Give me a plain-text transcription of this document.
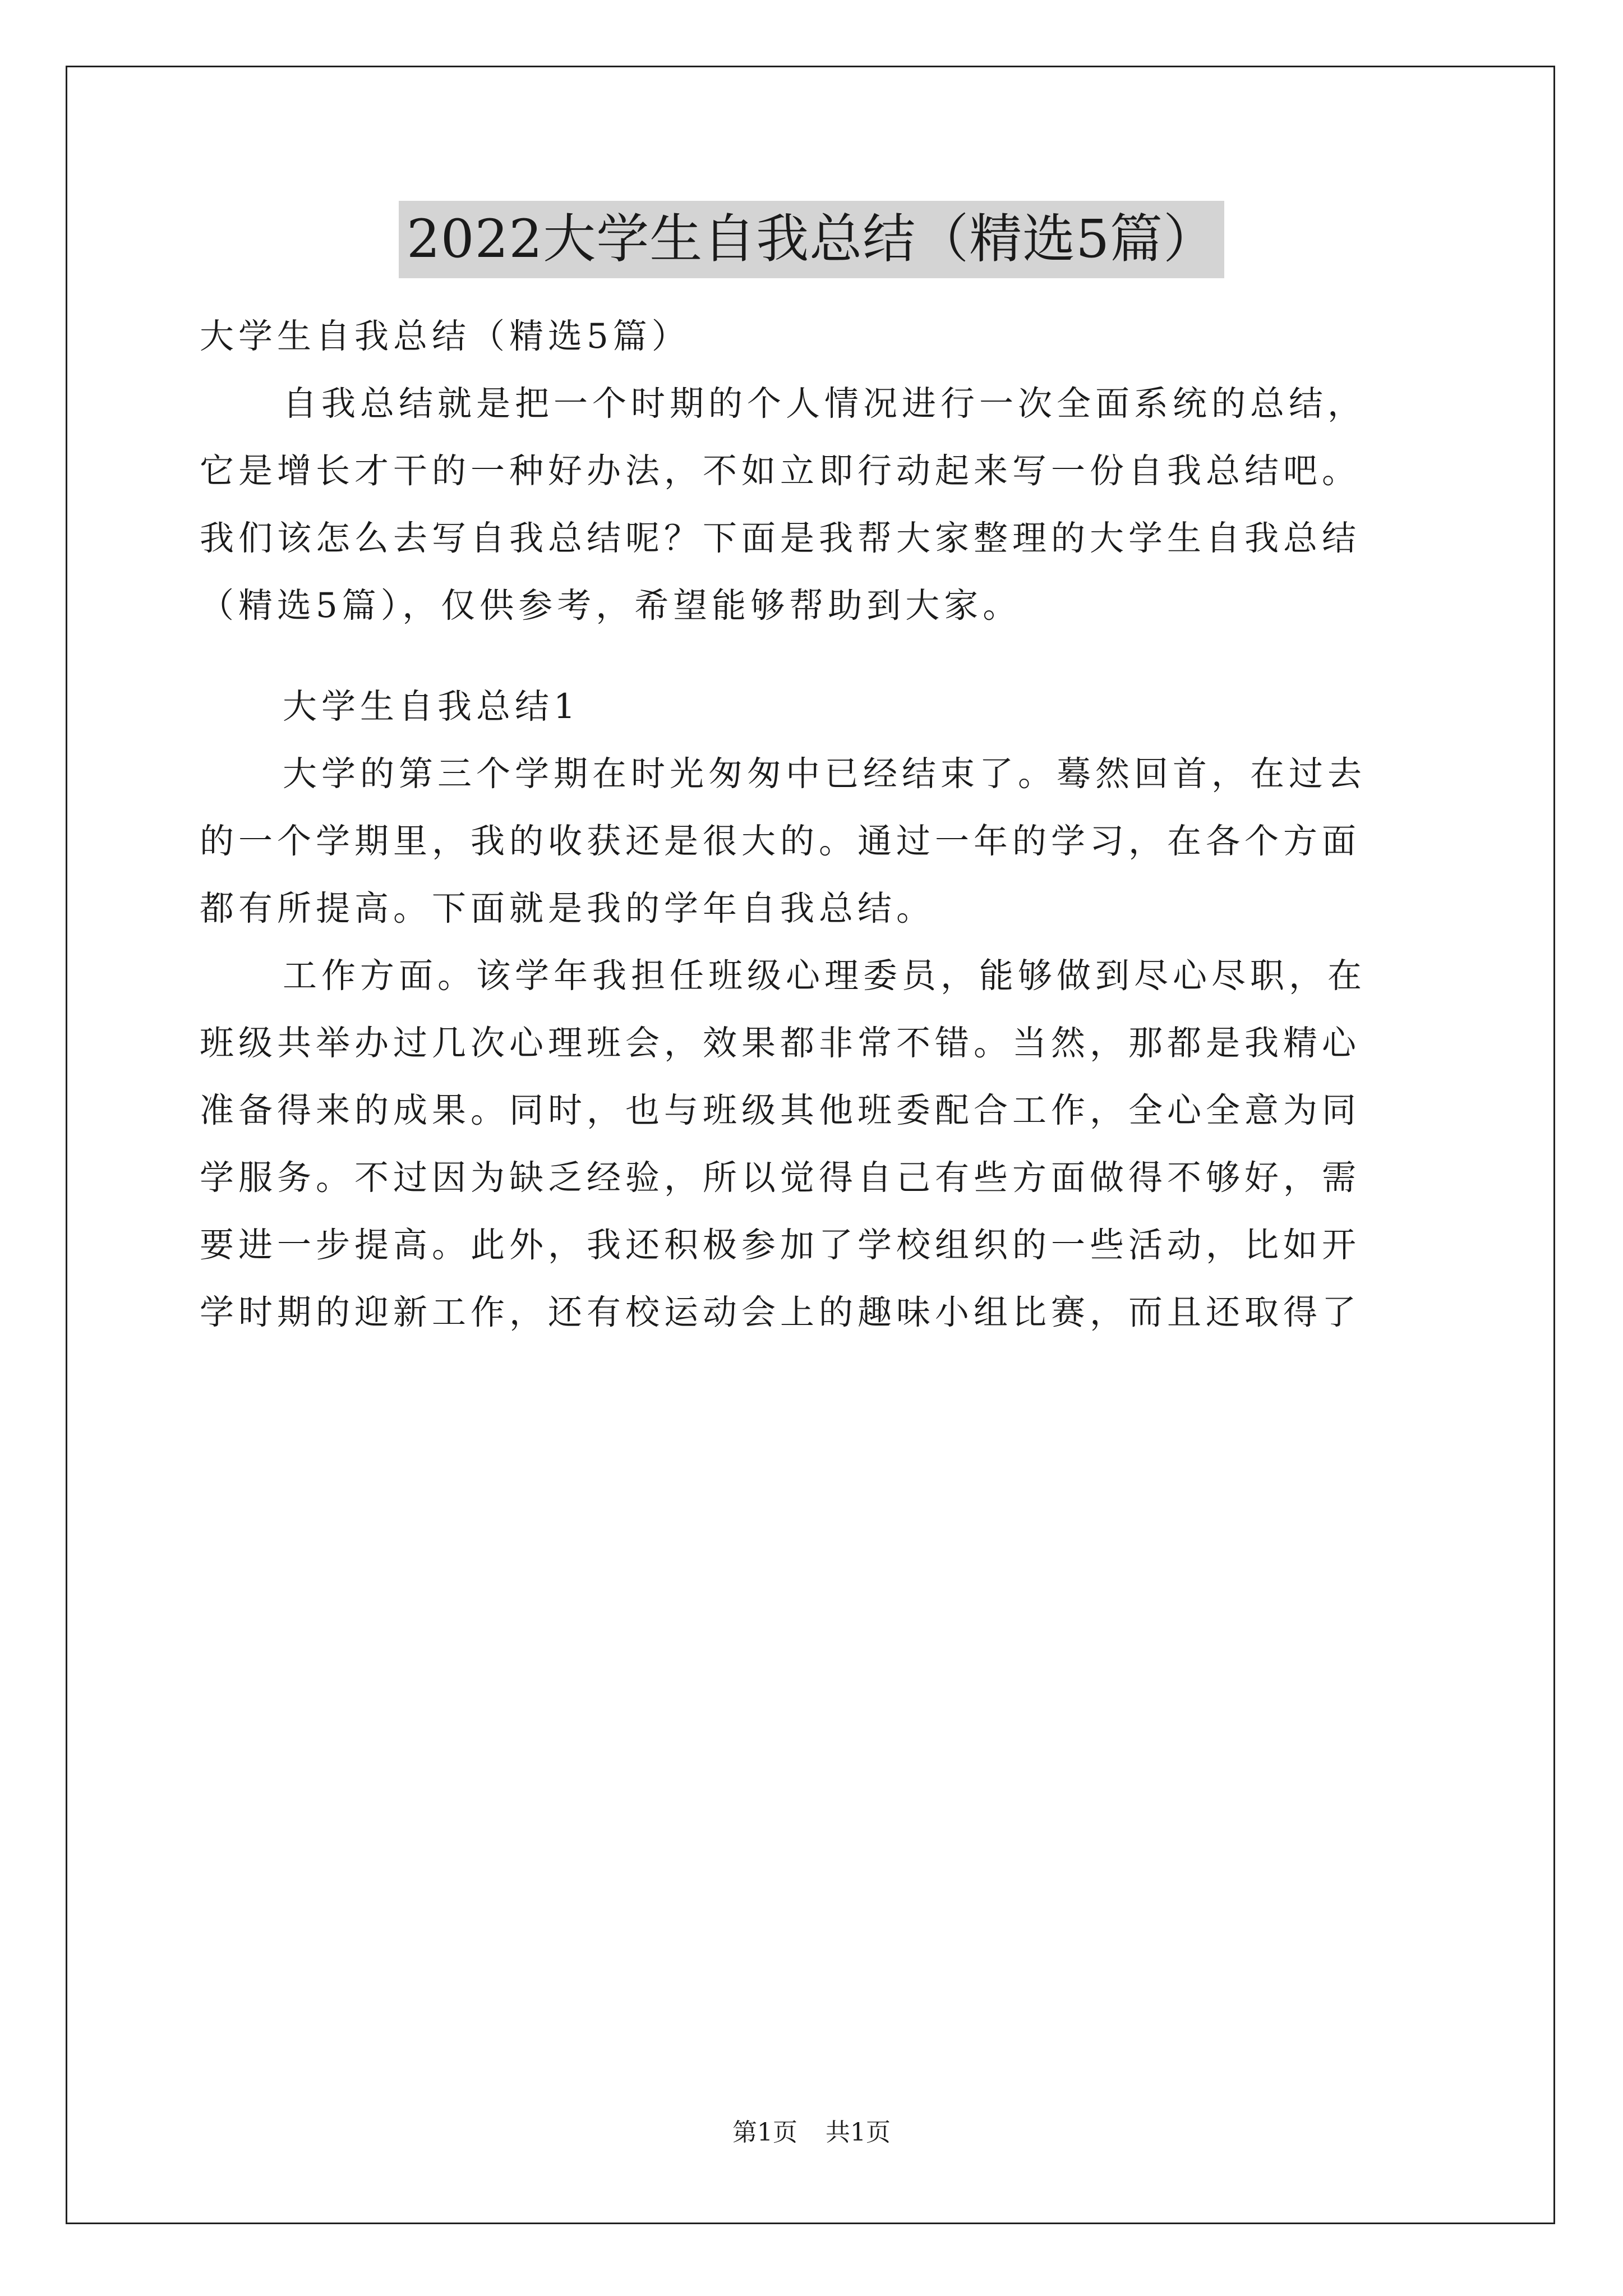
2022大学生自我总结（精选5篇）
大学生自我总结（精选5篇）
自我总结就是把一个时期的个人情况进行一次全面系统的总结，
它是增长才干的一种好办法，不如立即行动起来写一份自我总结吧。
我们该怎么去写自我总结呢？下面是我帮大家整理的大学生自我总结
（精选5篇），仅供参考，希望能够帮助到大家。
大学生自我总结1
大学的第三个学期在时光匆匆中已经结束了。蓦然回首，在过去
的一个学期里，我的收获还是很大的。通过一年的学习，在各个方面
都有所提高。下面就是我的学年自我总结。
工作方面。该学年我担任班级心理委员，能够做到尽心尽职，在
班级共举办过几次心理班会，效果都非常不错。当然，那都是我精心
准备得来的成果。同时，也与班级其他班委配合工作，全心全意为同
学服务。不过因为缺乏经验，所以觉得自己有些方面做得不够好，需
要进一步提高。此外，我还积极参加了学校组织的一些活动，比如开
学时期的迎新工作，还有校运动会上的趣味小组比赛，而且还取得了
第1页 共1页
